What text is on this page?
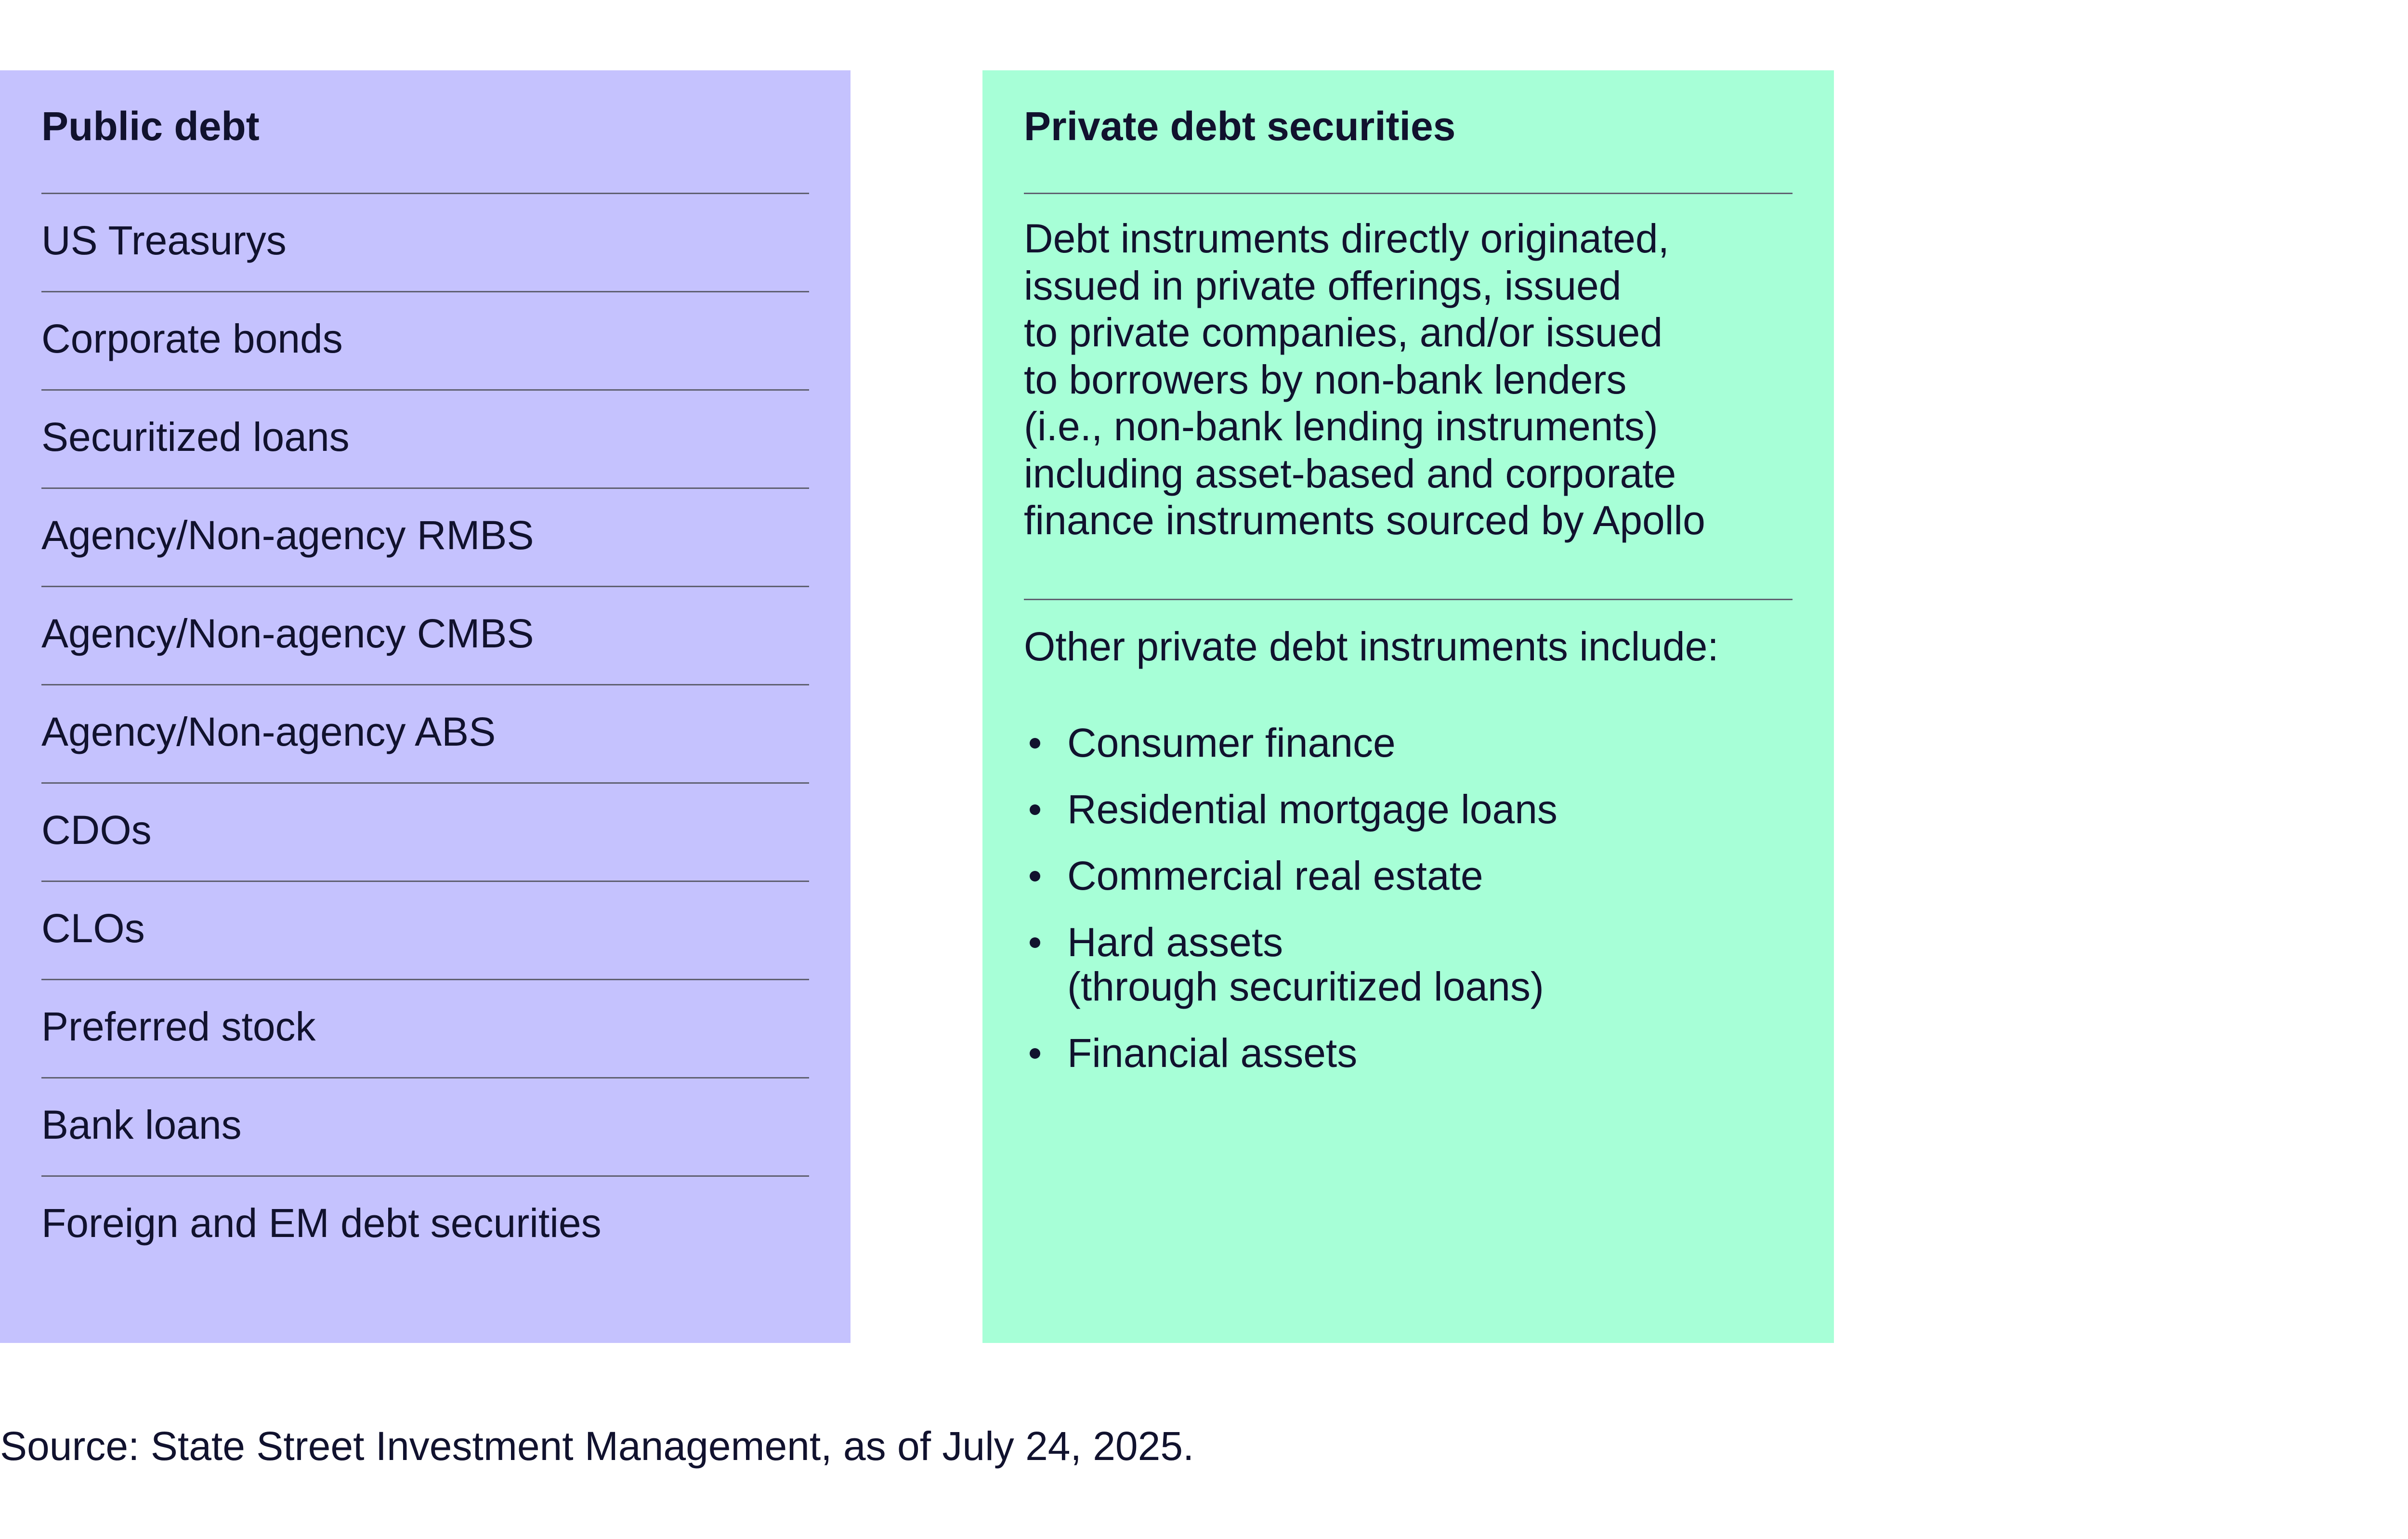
Public debt
US Treasurys
Corporate bonds
Securitized loans
Agency/Non-agency RMBS
Agency/Non-agency CMBS
Agency/Non-agency ABS
CDOs
CLOs
Preferred stock
Bank loans
Foreign and EM debt securities
Private debt securities
Debt instruments directly originated,
issued in private offerings, issued
to private companies, and/or issued
to borrowers by non-bank lenders
(i.e., non-bank lending instruments)
including asset-based and corporate
finance instruments sourced by Apollo
Other private debt instruments include:
Consumer finance
Residential mortgage loans
Commercial real estate
Hard assets
(through securitized loans)
Financial assets
Source: State Street Investment Management, as of July 24, 2025.
